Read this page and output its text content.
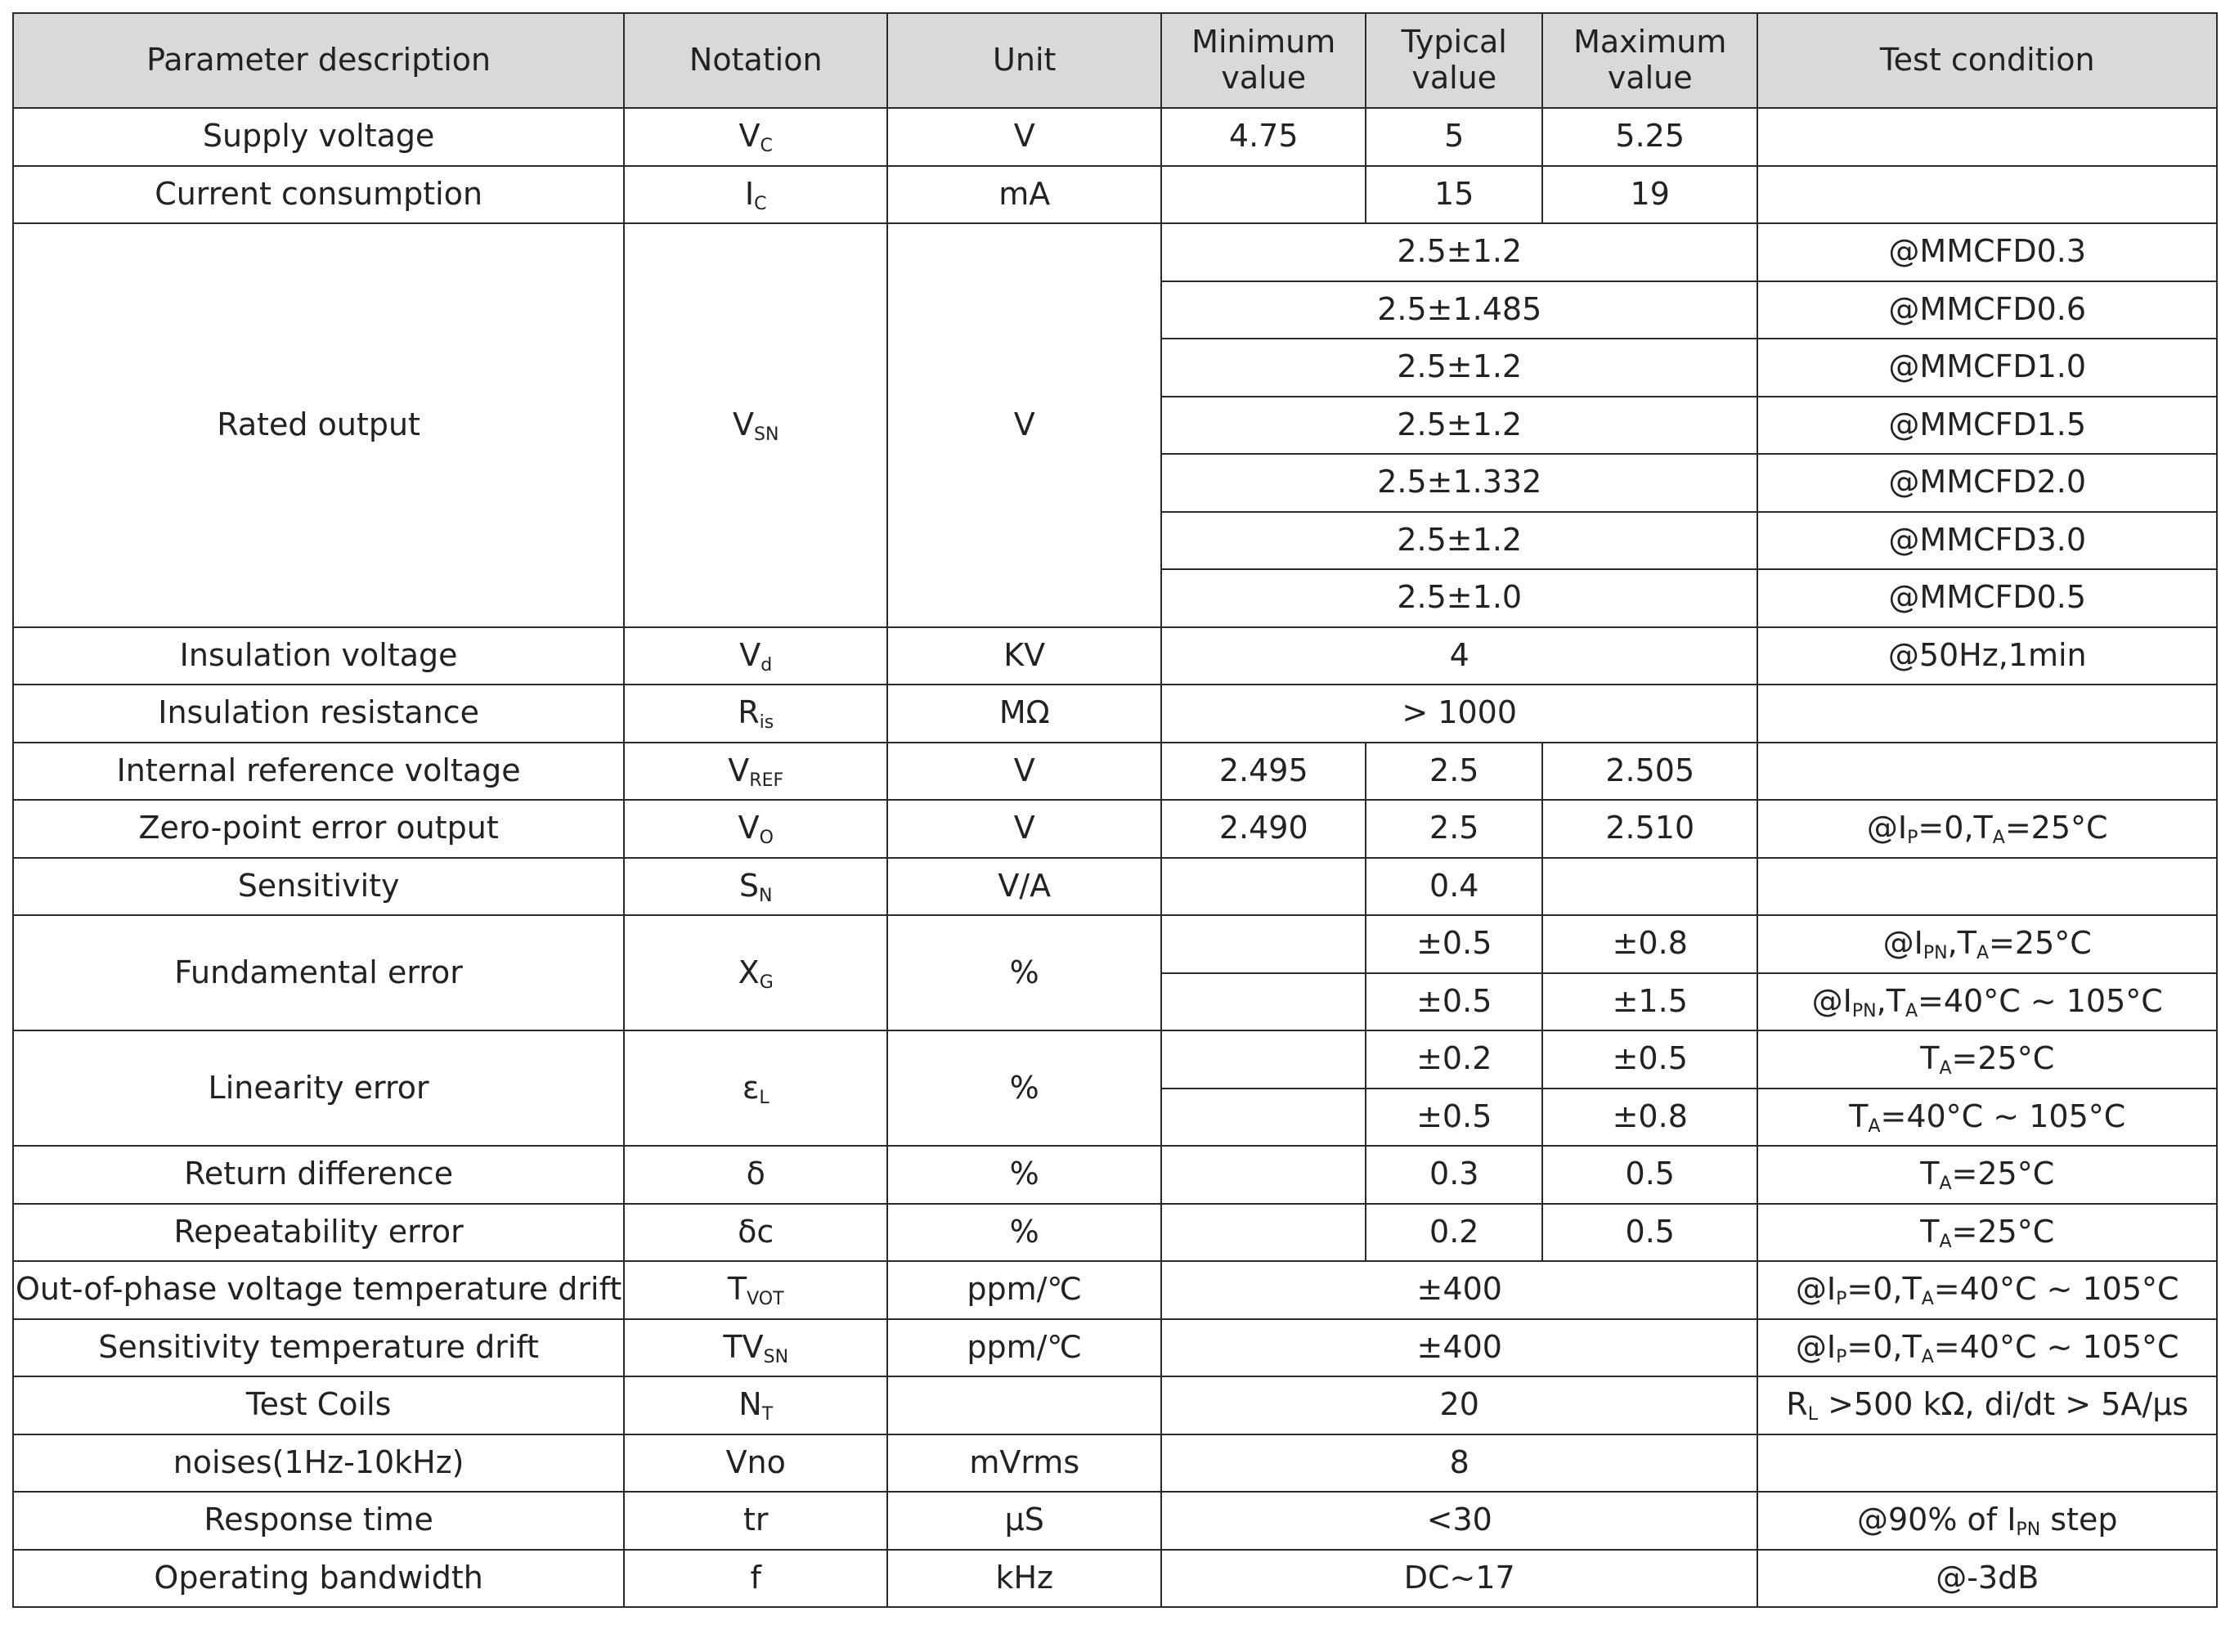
Parameter description	Notation	Unit	Minimum value	Typical value	Maximum value	Test condition
Supply voltage	$V_C$	V	4.75	5	5.25	
Current consumption	$I_C$	mA		15	19	
Rated output	$V_{SN}$	V	2.5±1.2			@MMCFD0.3
			2.5±1.485			@MMCFD0.6
			2.5±1.2			@MMCFD1.0
			2.5±1.2			@MMCFD1.5
			2.5±1.332			@MMCFD2.0
			2.5±1.2			@MMCFD3.0
			2.5±1.0			@MMCFD0.5
Insulation voltage	$V_d$	KV	4			@50Hz,1min
Insulation resistance	$R_{is}$	MΩ	> 1000			
Internal reference voltage	$V_{REF}$	V	2.495	2.5	2.505	
Zero-point error output	$V_O$	V	2.490	2.5	2.510	$@I_P=0,T_A=25^\circ C$
Sensitivity	$S_N$	V/A		0.4		
Fundamental error	$X_G$	%		±0.5	±0.8	$@I_{PN},T_A=25^\circ C$
				±0.5	±1.5	$@I_{PN},T_A=40^\circ C$ ~ 105°C
Linearity error	$\varepsilon_L$	%		±0.2	±0.5	$T_A=25^\circ C$
				±0.5	±0.8	$T_A=40^\circ C$ ~ 105°C
Return difference	δ	%		0.3	0.5	$T_A=25^\circ C$
Repeatability error	δc	%		0.2	0.5	$T_A=25^\circ C$
Out-of-phase voltage temperature drift	$T_{VOT}$	ppm/℃	±400			$@I_P=0,T_A=40^\circ C$ ~ 105°C
Sensitivity temperature drift	$TV_{SN}$	ppm/℃	±400			$@I_P=0,T_A=40^\circ C$ ~ 105°C
Test Coils	$N_T$		20			$R_L >500$ kΩ, di/dt > 5A/μs
noises(1Hz-10kHz)	Vno	mVrms	8			
Response time	tr	μS	<30			@90% of $I_{PN}$ step
Operating bandwidth	f	kHz	DC~17			@-3dB
